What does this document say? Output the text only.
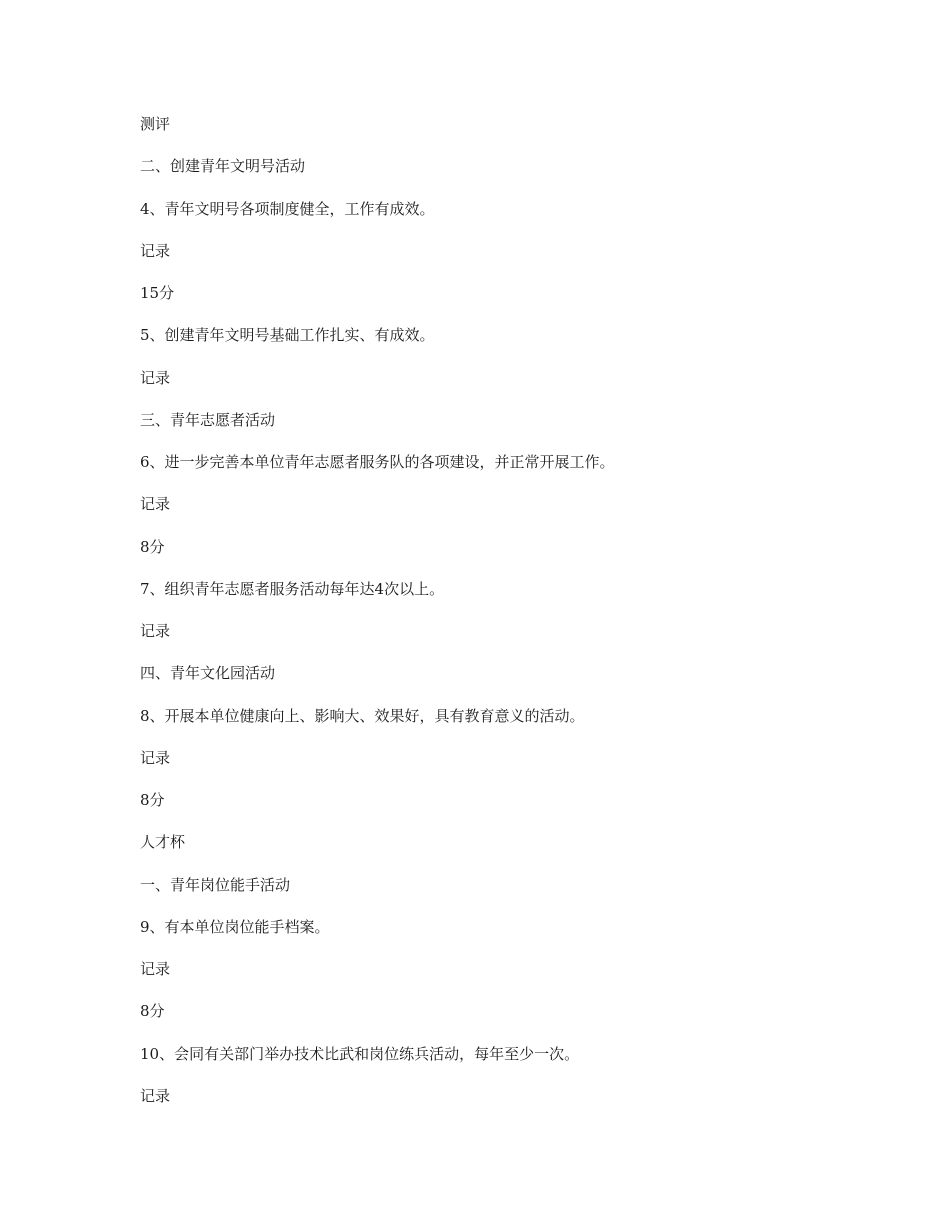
测评
二、创建青年文明号活动
4、青年文明号各项制度健全，工作有成效。
记录
15分
5、创建青年文明号基础工作扎实、有成效。
记录
三、青年志愿者活动
6、进一步完善本单位青年志愿者服务队的各项建设，并正常开展工作。
记录
8分
7、组织青年志愿者服务活动每年达4次以上。
记录
四、青年文化园活动
8、开展本单位健康向上、影响大、效果好，具有教育意义的活动。
记录
8分
人才杯
一、青年岗位能手活动
9、有本单位岗位能手档案。
记录
8分
10、会同有关部门举办技术比武和岗位练兵活动，每年至少一次。
记录
